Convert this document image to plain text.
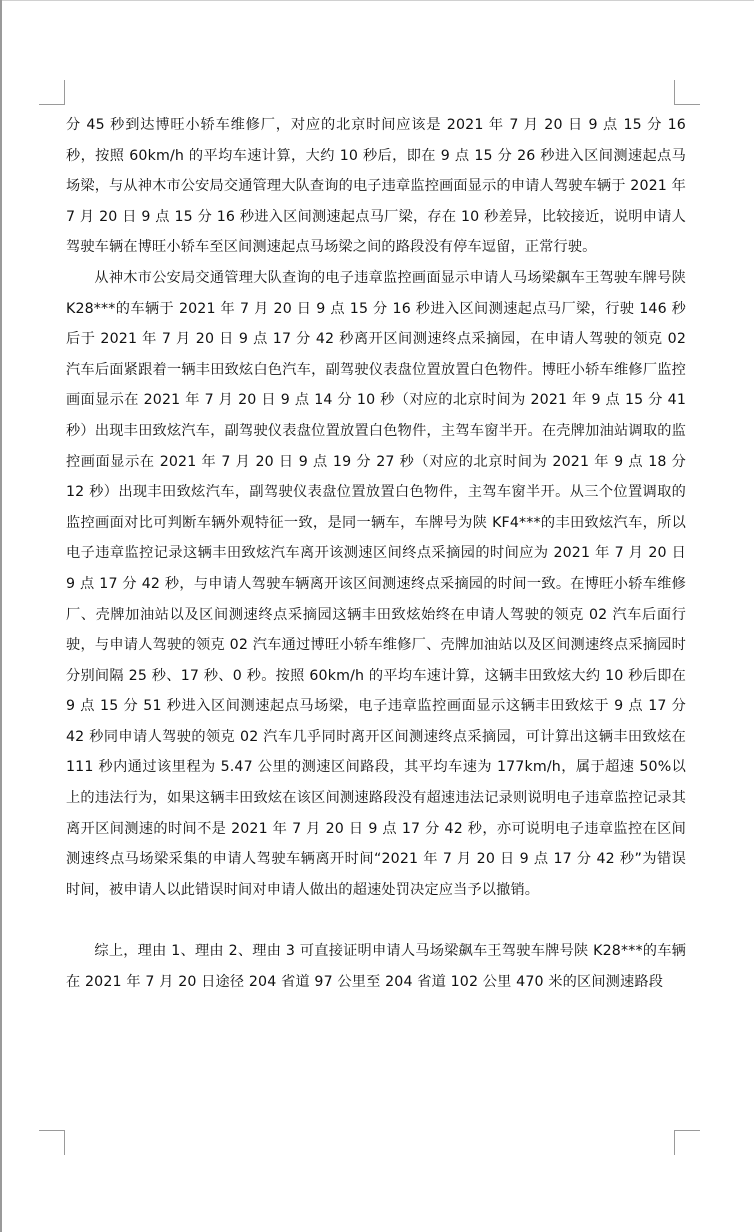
分 45 秒到达博旺小轿车维修厂，对应的北京时间应该是 2021 年 7 月 20 日 9 点 15 分 16 秒，按照 60km/h 的平均车速计算，大约 10 秒后，即在 9 点 15 分 26 秒进入区间测速起点马场梁，与从神木市公安局交通管理大队查询的电子违章监控画面显示的申请人驾驶车辆于 2021 年 7 月 20 日 9 点 15 分 16 秒进入区间测速起点马厂梁，存在 10 秒差异，比较接近，说明申请人驾驶车辆在博旺小轿车至区间测速起点马场梁之间的路段没有停车逗留，正常行驶。

从神木市公安局交通管理大队查询的电子违章监控画面显示申请人马场梁飙车王驾驶车牌号陕 K28***的车辆于 2021 年 7 月 20 日 9 点 15 分 16 秒进入区间测速起点马厂梁，行驶 146 秒后于 2021 年 7 月 20 日 9 点 17 分 42 秒离开区间测速终点采摘园，在申请人驾驶的领克 02 汽车后面紧跟着一辆丰田致炫白色汽车，副驾驶仪表盘位置放置白色物件。博旺小轿车维修厂监控画面显示在 2021 年 7 月 20 日 9 点 14 分 10 秒（对应的北京时间为 2021 年 9 点 15 分 41 秒）出现丰田致炫汽车，副驾驶仪表盘位置放置白色物件，主驾车窗半开。在壳牌加油站调取的监控画面显示在 2021 年 7 月 20 日 9 点 19 分 27 秒（对应的北京时间为 2021 年 9 点 18 分 12 秒）出现丰田致炫汽车，副驾驶仪表盘位置放置白色物件，主驾车窗半开。从三个位置调取的监控画面对比可判断车辆外观特征一致，是同一辆车，车牌号为陕 KF4***的丰田致炫汽车，所以电子违章监控记录这辆丰田致炫汽车离开该测速区间终点采摘园的时间应为 2021 年 7 月 20 日 9 点 17 分 42 秒，与申请人驾驶车辆离开该区间测速终点采摘园的时间一致。在博旺小轿车维修厂、壳牌加油站以及区间测速终点采摘园这辆丰田致炫始终在申请人驾驶的领克 02 汽车后面行驶，与申请人驾驶的领克 02 汽车通过博旺小轿车维修厂、壳牌加油站以及区间测速终点采摘园时分别间隔 25 秒、17 秒、0 秒。按照 60km/h 的平均车速计算，这辆丰田致炫大约 10 秒后即在 9 点 15 分 51 秒进入区间测速起点马场梁，电子违章监控画面显示这辆丰田致炫于 9 点 17 分 42 秒同申请人驾驶的领克 02 汽车几乎同时离开区间测速终点采摘园，可计算出这辆丰田致炫在 111 秒内通过该里程为 5.47 公里的测速区间路段，其平均车速为 177km/h，属于超速 50%以上的违法行为，如果这辆丰田致炫在该区间测速路段没有超速违法记录则说明电子违章监控记录其离开区间测速的时间不是 2021 年 7 月 20 日 9 点 17 分 42 秒，亦可说明电子违章监控在区间测速终点马场梁采集的申请人驾驶车辆离开时间“2021 年 7 月 20 日 9 点 17 分 42 秒”为错误时间，被申请人以此错误时间对申请人做出的超速处罚决定应当予以撤销。

综上，理由 1、理由 2、理由 3 可直接证明申请人马场梁飙车王驾驶车牌号陕 K28***的车辆在 2021 年 7 月 20 日途径 204 省道 97 公里至 204 省道 102 公里 470 米的区间测速路段
